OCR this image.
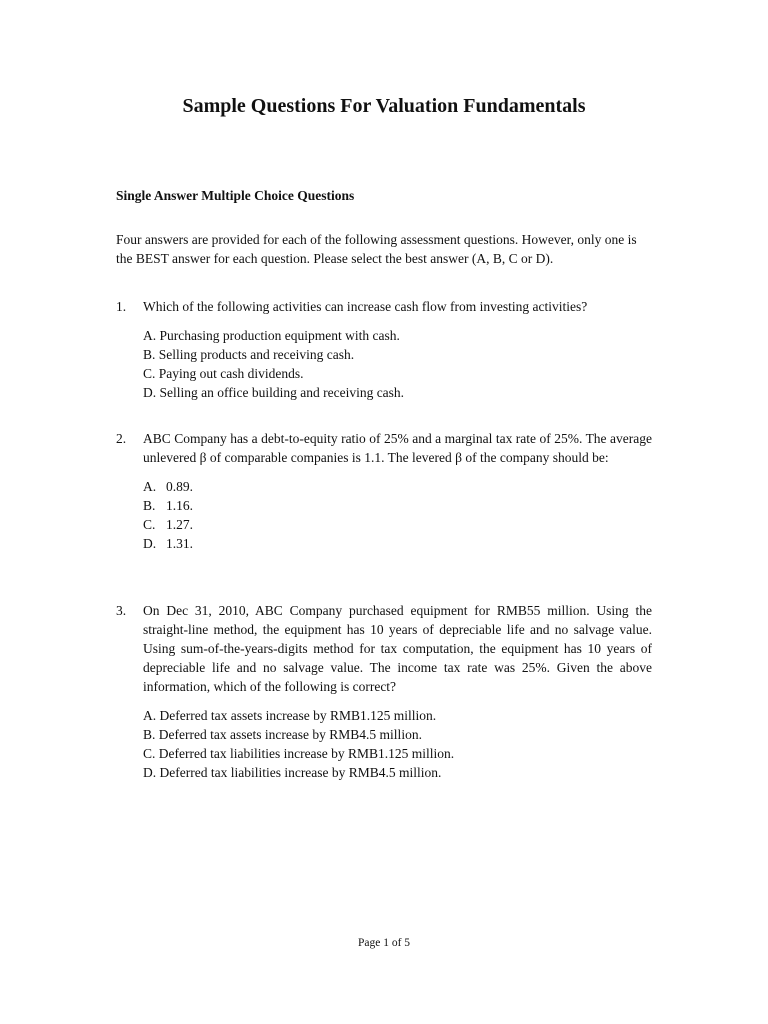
Sample Questions For Valuation Fundamentals
Single Answer Multiple Choice Questions

Four answers are provided for each of the following assessment questions. However, only one is the BEST answer for each question. Please select the best answer (A, B, C or D).

1. Which of the following activities can increase cash flow from investing activities?
A. Purchasing production equipment with cash.
B. Selling products and receiving cash.
C. Paying out cash dividends.
D. Selling an office building and receiving cash.
2. ABC Company has a debt-to-equity ratio of 25% and a marginal tax rate of 25%. The average unlevered β of comparable companies is 1.1. The levered β of the company should be:
A. 0.89.
B. 1.16.
C. 1.27.
D. 1.31.
3. On Dec 31, 2010, ABC Company purchased equipment for RMB55 million. Using the straight-line method, the equipment has 10 years of depreciable life and no salvage value. Using sum-of-the-years-digits method for tax computation, the equipment has 10 years of depreciable life and no salvage value. The income tax rate was 25%. Given the above information, which of the following is correct?
A. Deferred tax assets increase by RMB1.125 million.
B. Deferred tax assets increase by RMB4.5 million.
C. Deferred tax liabilities increase by RMB1.125 million.
D. Deferred tax liabilities increase by RMB4.5 million.
Page 1 of 5
